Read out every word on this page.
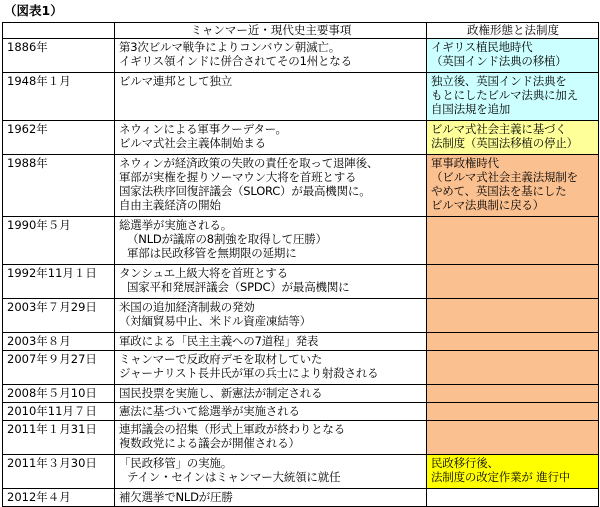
（図表1）
	ミャンマー近・現代史主要事項	政権形態と法制度
1886年	第3次ビルマ戦争によりコンバウン朝滅亡。
イギリス領インドに併合されてその1州となる	イギリス植民地時代
（英国インド法典の移植）

1948年１月	ビルマ連邦として独立	独立後、英国インド法典を
もとにしたビルマ法典に加え
自国法規を追加

1962年	ネウィンによる軍事クーデター。
ビルマ式社会主義体制始まる	ビルマ式社会主義に基づく
法制度（英国法移植の停止）

1988年	ネウィンが経済政策の失敗の責任を取って退陣後、
軍部が実権を握りソーマウン大将を首班とする
国家法秩序回復評議会（SLORC）が最高機関に。
自由主義経済の開始	軍事政権時代
（ビルマ式社会主義法規制を
やめて、英国法を基にした
ビルマ法典制に戻る）

1990年５月	総選挙が実施される。
（NLDが議席の8割強を取得して圧勝）
軍部は民政移管を無期限の延期に	

1992年11月１日	タンシュエ上級大将を首班とする
国家平和発展評議会（SPDC）が最高機関に	

2003年７月29日	米国の追加経済制裁の発効
（対緬貿易中止、米ドル資産凍結等）	

2003年８月	軍政による「民主主義への7道程」発表	

2007年９月27日	ミャンマーで反政府デモを取材していた
ジャーナリスト長井氏が軍の兵士により射殺される	

2008年５月10日	国民投票を実施し、新憲法が制定される	

2010年11月７日	憲法に基づいて総選挙が実施される	

2011年１月31日	連邦議会の招集（形式上軍政が終わりとなる
複数政党による議会が開催される）	

2011年３月30日	「民政移管」の実施。
テイン・セインはミャンマー大統領に就任	民政移行後、
法制度の改定作業が 進行中

2012年４月	補欠選挙でNLDが圧勝	
